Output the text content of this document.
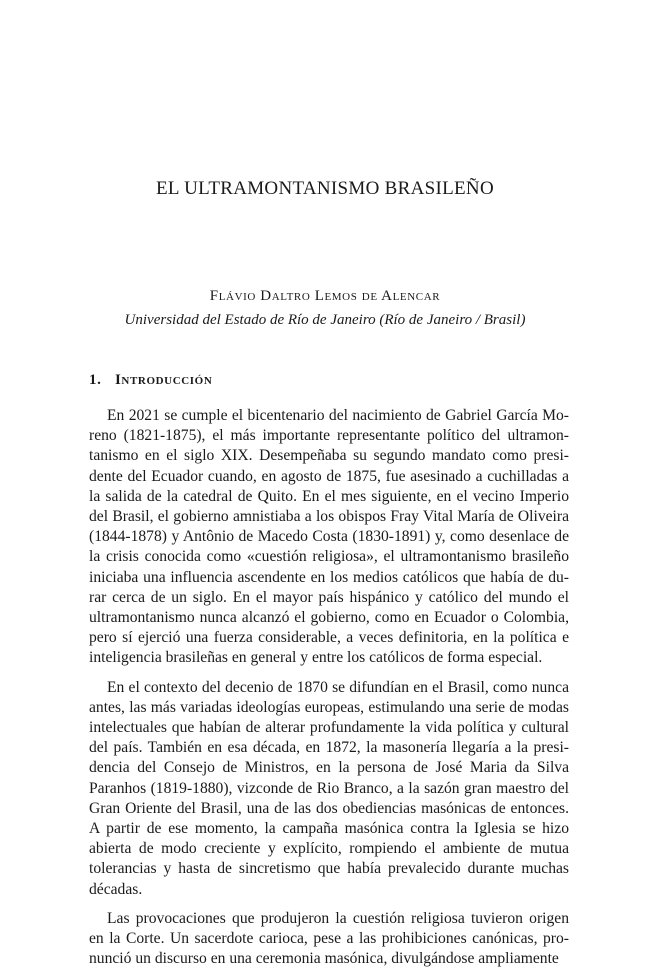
EL ULTRAMONTANISMO BRASILEÑO
Flávio Daltro Lemos de Alencar
Universidad del Estado de Río de Janeiro (Río de Janeiro / Brasil)
1. Introducción

En 2021 se cumple el bicentenario del nacimiento de Gabriel García Moreno (1821-1875), el más importante representante político del ultramontanismo en el siglo XIX. Desempeñaba su segundo mandato como presidente del Ecuador cuando, en agosto de 1875, fue asesinado a cuchilladas a la salida de la catedral de Quito. En el mes siguiente, en el vecino Imperio del Brasil, el gobierno amnistiaba a los obispos Fray Vital María de Oliveira (1844-1878) y Antônio de Macedo Costa (1830-1891) y, como desenlace de la crisis conocida como «cuestión religiosa», el ultramontanismo brasileño iniciaba una influencia ascendente en los medios católicos que había de durar cerca de un siglo. En el mayor país hispánico y católico del mundo el ultramontanismo nunca alcanzó el gobierno, como en Ecuador o Colombia, pero sí ejerció una fuerza considerable, a veces definitoria, en la política e inteligencia brasileñas en general y entre los católicos de forma especial.

En el contexto del decenio de 1870 se difundían en el Brasil, como nunca antes, las más variadas ideologías europeas, estimulando una serie de modas intelectuales que habían de alterar profundamente la vida política y cultural del país. También en esa década, en 1872, la masonería llegaría a la presidencia del Consejo de Ministros, en la persona de José Maria da Silva Paranhos (1819-1880), vizconde de Rio Branco, a la sazón gran maestro del Gran Oriente del Brasil, una de las dos obediencias masónicas de entonces. A partir de ese momento, la campaña masónica contra la Iglesia se hizo abierta de modo creciente y explícito, rompiendo el ambiente de mutua tolerancias y hasta de sincretismo que había prevalecido durante muchas décadas.

Las provocaciones que produjeron la cuestión religiosa tuvieron origen en la Corte. Un sacerdote carioca, pese a las prohibiciones canónicas, pronunció un discurso en una ceremonia masónica, divulgándose ampliamente
